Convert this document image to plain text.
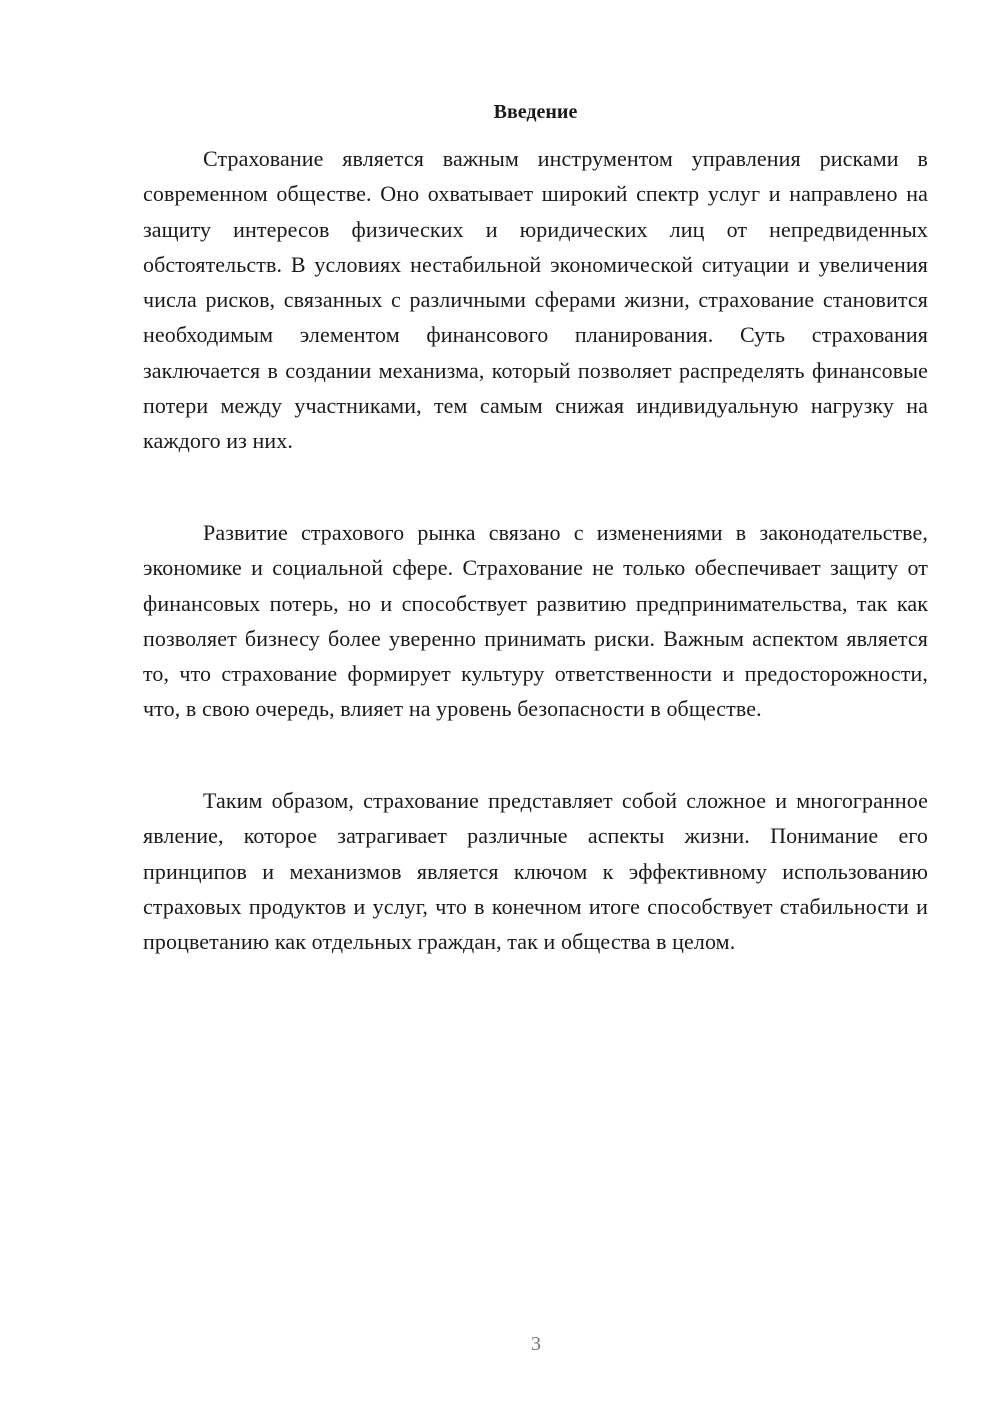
Введение

Страхование является важным инструментом управления рисками в современном обществе. Оно охватывает широкий спектр услуг и направлено на защиту интересов физических и юридических лиц от непредвиденных обстоятельств. В условиях нестабильной экономической ситуации и увеличения числа рисков, связанных с различными сферами жизни, страхование становится необходимым элементом финансового планирования. Суть страхования заключается в создании механизма, который позволяет распределять финансовые потери между участниками, тем самым снижая индивидуальную нагрузку на каждого из них.

Развитие страхового рынка связано с изменениями в законодательстве, экономике и социальной сфере. Страхование не только обеспечивает защиту от финансовых потерь, но и способствует развитию предпринимательства, так как позволяет бизнесу более уверенно принимать риски. Важным аспектом является то, что страхование формирует культуру ответственности и предосторожности, что, в свою очередь, влияет на уровень безопасности в обществе.

Таким образом, страхование представляет собой сложное и многогранное явление, которое затрагивает различные аспекты жизни. Понимание его принципов и механизмов является ключом к эффективному использованию страховых продуктов и услуг, что в конечном итоге способствует стабильности и процветанию как отдельных граждан, так и общества в целом.

3
